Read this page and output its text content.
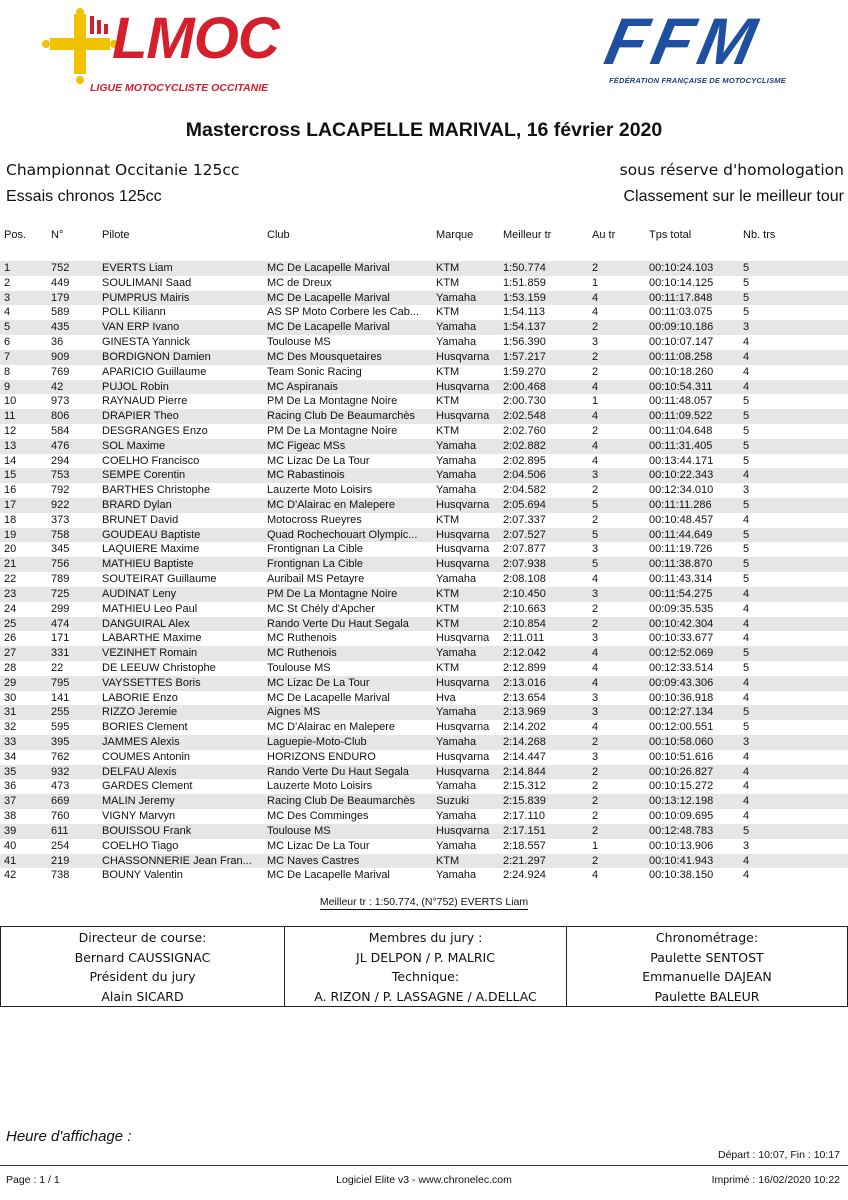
LMOC
LIGUE MOTOCYCLISTE OCCITANIE
FFM
FÉDÉRATION FRANÇAISE DE MOTOCYCLISME
Mastercross LACAPELLE MARIVAL, 16 février 2020
Championnat Occitanie 125cc	sous réserve d'homologation
Essais chronos 125cc	Classement sur le meilleur tour
Pos.	N°	Pilote	Club	Marque	Meilleur tr	Au tr	Tps total	Nb. trs
1	752	EVERTS Liam	MC De Lacapelle Marival	KTM	1:50.774	2	00:10:24.103	5
2	449	SOULIMANI Saad	MC de Dreux	KTM	1:51.859	1	00:10:14.125	5
3	179	PUMPRUS Mairis	MC De Lacapelle Marival	Yamaha	1:53.159	4	00:11:17.848	5
4	589	POLL Kiliann	AS SP Moto Corbere les Cab...	KTM	1:54.113	4	00:11:03.075	5
5	435	VAN ERP Ivano	MC De Lacapelle Marival	Yamaha	1:54.137	2	00:09:10.186	3
6	36	GINESTA Yannick	Toulouse MS	Yamaha	1:56.390	3	00:10:07.147	4
7	909	BORDIGNON Damien	MC Des Mousquetaires	Husqvarna	1:57.217	2	00:11:08.258	4
8	769	APARICIO Guillaume	Team Sonic Racing	KTM	1:59.270	2	00:10:18.260	4
9	42	PUJOL Robin	MC Aspiranais	Husqvarna	2:00.468	4	00:10:54.311	4
10	973	RAYNAUD Pierre	PM De La Montagne Noire	KTM	2:00.730	1	00:11:48.057	5
11	806	DRAPIER Theo	Racing Club De Beaumarchès	Husqvarna	2:02.548	4	00:11:09.522	5
12	584	DESGRANGES Enzo	PM De La Montagne Noire	KTM	2:02.760	2	00:11:04.648	5
13	476	SOL Maxime	MC Figeac MSs	Yamaha	2:02.882	4	00:11:31.405	5
14	294	COELHO Francisco	MC Lizac De La Tour	Yamaha	2:02.895	4	00:13:44.171	5
15	753	SEMPE Corentin	MC Rabastinois	Yamaha	2:04.506	3	00:10:22.343	4
16	792	BARTHES Christophe	Lauzerte Moto Loisirs	Yamaha	2:04.582	2	00:12:34.010	3
17	922	BRARD Dylan	MC D'Alairac en Malepere	Husqvarna	2:05.694	5	00:11:11.286	5
18	373	BRUNET David	Motocross Rueyres	KTM	2:07.337	2	00:10:48.457	4
19	758	GOUDEAU Baptiste	Quad Rochechouart Olympic...	Husqvarna	2:07.527	5	00:11:44.649	5
20	345	LAQUIERE Maxime	Frontignan La Cible	Husqvarna	2:07.877	3	00:11:19.726	5
21	756	MATHIEU Baptiste	Frontignan La Cible	Husqvarna	2:07.938	5	00:11:38.870	5
22	789	SOUTEIRAT Guillaume	Auribail MS Petayre	Yamaha	2:08.108	4	00:11:43.314	5
23	725	AUDINAT Leny	PM De La Montagne Noire	KTM	2:10.450	3	00:11:54.275	4
24	299	MATHIEU Leo Paul	MC St Chély d'Apcher	KTM	2:10.663	2	00:09:35.535	4
25	474	DANGUIRAL Alex	Rando Verte Du Haut Segala	KTM	2:10.854	2	00:10:42.304	4
26	171	LABARTHE Maxime	MC Ruthenois	Husqvarna	2:11.011	3	00:10:33.677	4
27	331	VEZINHET Romain	MC Ruthenois	Yamaha	2:12.042	4	00:12:52.069	5
28	22	DE LEEUW Christophe	Toulouse MS	KTM	2:12.899	4	00:12:33.514	5
29	795	VAYSSETTES Boris	MC Lizac De La Tour	Husqvarna	2:13.016	4	00:09:43.306	4
30	141	LABORIE Enzo	MC De Lacapelle Marival	Hva	2:13.654	3	00:10:36.918	4
31	255	RIZZO Jeremie	Aignes MS	Yamaha	2:13.969	3	00:12:27.134	5
32	595	BORIES Clement	MC D'Alairac en Malepere	Husqvarna	2:14.202	4	00:12:00.551	5
33	395	JAMMES Alexis	Laguepie-Moto-Club	Yamaha	2:14.268	2	00:10:58.060	3
34	762	COUMES Antonin	HORIZONS ENDURO	Husqvarna	2:14.447	3	00:10:51.616	4
35	932	DELFAU Alexis	Rando Verte Du Haut Segala	Husqvarna	2:14.844	2	00:10:26.827	4
36	473	GARDES Clement	Lauzerte Moto Loisirs	Yamaha	2:15.312	2	00:10:15.272	4
37	669	MALIN Jeremy	Racing Club De Beaumarchès	Suzuki	2:15.839	2	00:13:12.198	4
38	760	VIGNY Marvyn	MC Des Comminges	Yamaha	2:17.110	2	00:10:09.695	4
39	611	BOUISSOU Frank	Toulouse MS	Husqvarna	2:17.151	2	00:12:48.783	5
40	254	COELHO Tiago	MC Lizac De La Tour	Yamaha	2:18.557	1	00:10:13.906	3
41	219	CHASSONNERIE Jean Fran...	MC Naves Castres	KTM	2:21.297	2	00:10:41.943	4
42	738	BOUNY Valentin	MC De Lacapelle Marival	Yamaha	2:24.924	4	00:10:38.150	4
Meilleur tr : 1:50.774, (N°752) EVERTS Liam
Directeur de course:
Bernard CAUSSIGNAC
Président du jury
Alain SICARD
Membres du jury :
JL DELPON / P. MALRIC
Technique:
A. RIZON / P. LASSAGNE / A.DELLAC
Chronométrage:
Paulette SENTOST
Emmanuelle DAJEAN
Paulette BALEUR
Heure d'affichage :
Départ : 10:07, Fin : 10:17
Page : 1 / 1	Logiciel Elite v3 - www.chronelec.com	Imprimé : 16/02/2020 10:22
